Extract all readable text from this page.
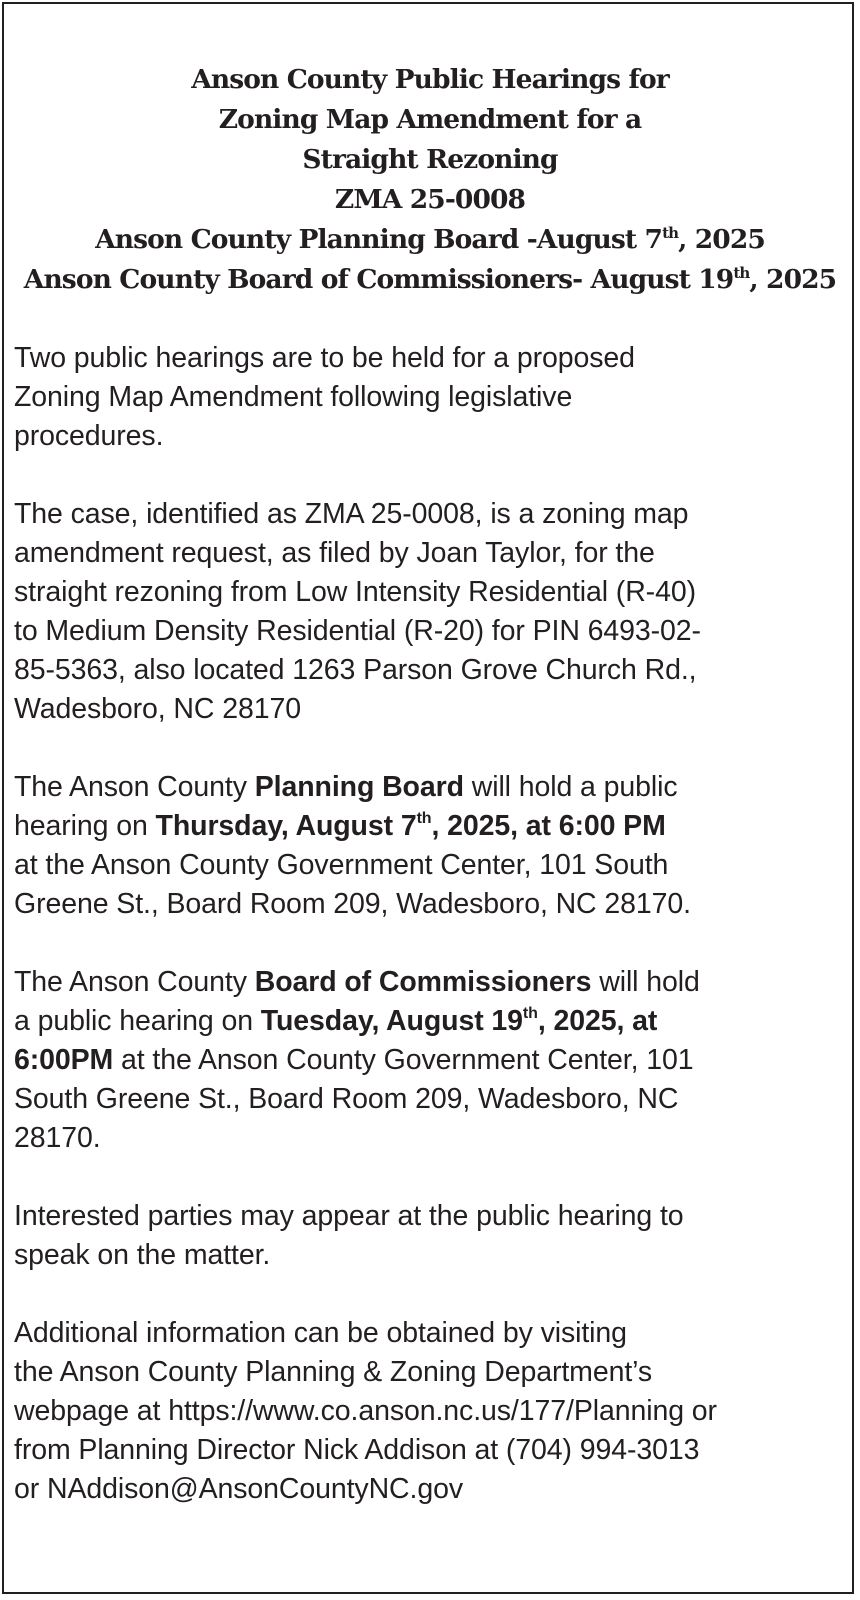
Anson County Public Hearings for
Zoning Map Amendment for a
Straight Rezoning
ZMA 25-0008
Anson County Planning Board -August 7th, 2025
Anson County Board of Commissioners- August 19th, 2025
Two public hearings are to be held for a proposed
Zoning Map Amendment following legislative
procedures.
The case, identified as ZMA 25-0008, is a zoning map
amendment request, as filed by Joan Taylor, for the
straight rezoning from Low Intensity Residential (R-40)
to Medium Density Residential (R-20) for PIN 6493-02-
85-5363, also located 1263 Parson Grove Church Rd.,
Wadesboro, NC 28170
The Anson County Planning Board will hold a public
hearing on Thursday, August 7th, 2025, at 6:00 PM
at the Anson County Government Center, 101 South
Greene St., Board Room 209, Wadesboro, NC 28170.
The Anson County Board of Commissioners will hold
a public hearing on Tuesday, August 19th, 2025, at
6:00PM at the Anson County Government Center, 101
South Greene St., Board Room 209, Wadesboro, NC
28170.
Interested parties may appear at the public hearing to
speak on the matter.
Additional information can be obtained by visiting
the Anson County Planning & Zoning Department’s
webpage at https://www.co.anson.nc.us/177/Planning or
from Planning Director Nick Addison at (704) 994-3013
or NAddison@AnsonCountyNC.gov
